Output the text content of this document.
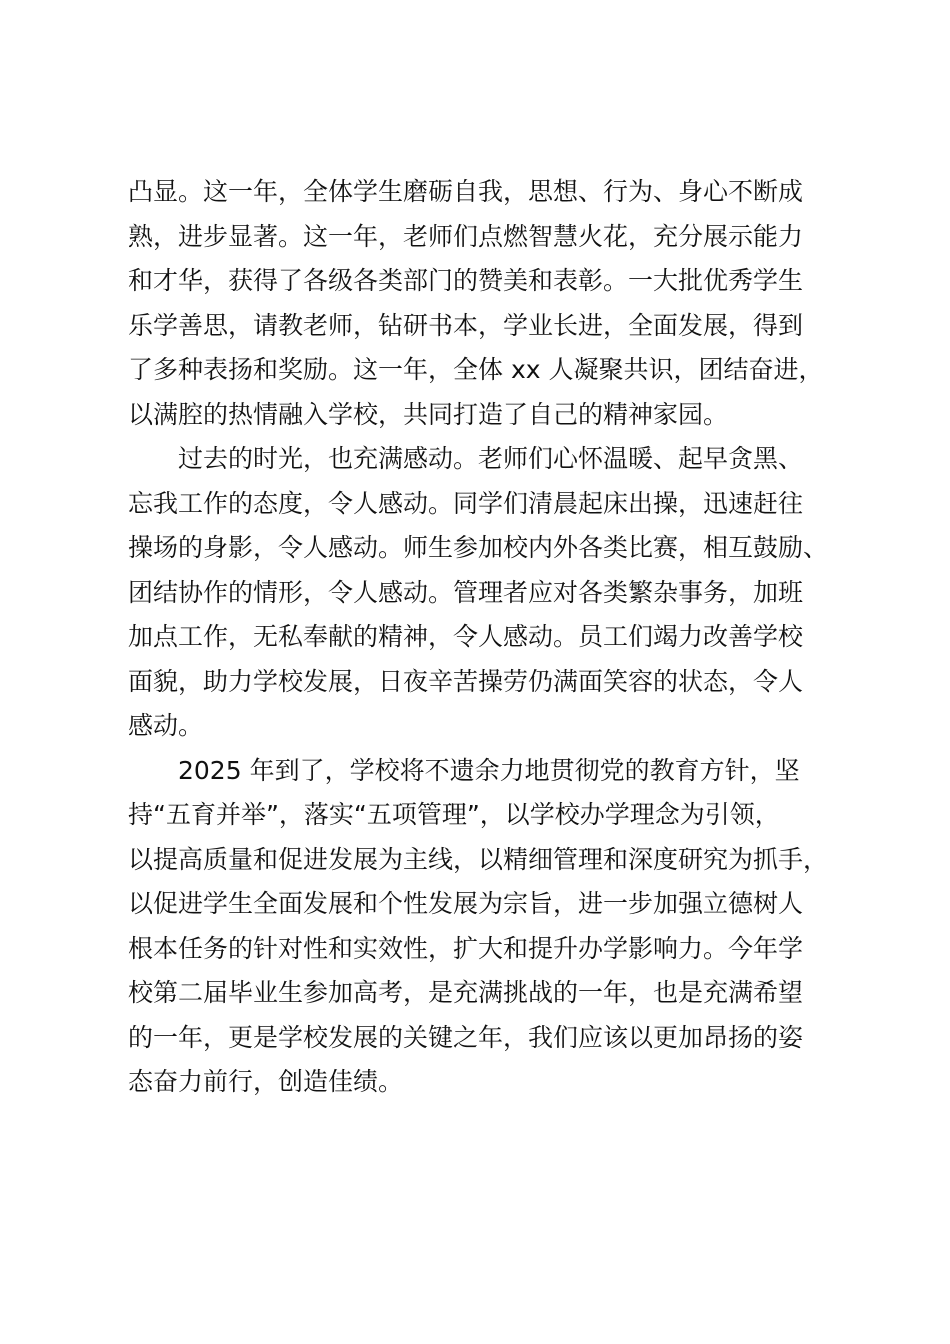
凸显。这一年，全体学生磨砺自我，思想、行为、身心不断成
熟，进步显著。这一年，老师们点燃智慧火花，充分展示能力
和才华，获得了各级各类部门的赞美和表彰。一大批优秀学生
乐学善思，请教老师，钻研书本，学业长进，全面发展，得到
了多种表扬和奖励。这一年，全体 xx 人凝聚共识，团结奋进，
以满腔的热情融入学校，共同打造了自己的精神家园。
过去的时光，也充满感动。老师们心怀温暖、起早贪黑、
忘我工作的态度，令人感动。同学们清晨起床出操，迅速赶往
操场的身影，令人感动。师生参加校内外各类比赛，相互鼓励、
团结协作的情形，令人感动。管理者应对各类繁杂事务，加班
加点工作，无私奉献的精神，令人感动。员工们竭力改善学校
面貌，助力学校发展，日夜辛苦操劳仍满面笑容的状态，令人
感动。
2025 年到了，学校将不遗余力地贯彻党的教育方针，坚
持“五育并举”，落实“五项管理”，以学校办学理念为引领，
以提高质量和促进发展为主线，以精细管理和深度研究为抓手，
以促进学生全面发展和个性发展为宗旨，进一步加强立德树人
根本任务的针对性和实效性，扩大和提升办学影响力。今年学
校第二届毕业生参加高考，是充满挑战的一年，也是充满希望
的一年，更是学校发展的关键之年，我们应该以更加昂扬的姿
态奋力前行，创造佳绩。
